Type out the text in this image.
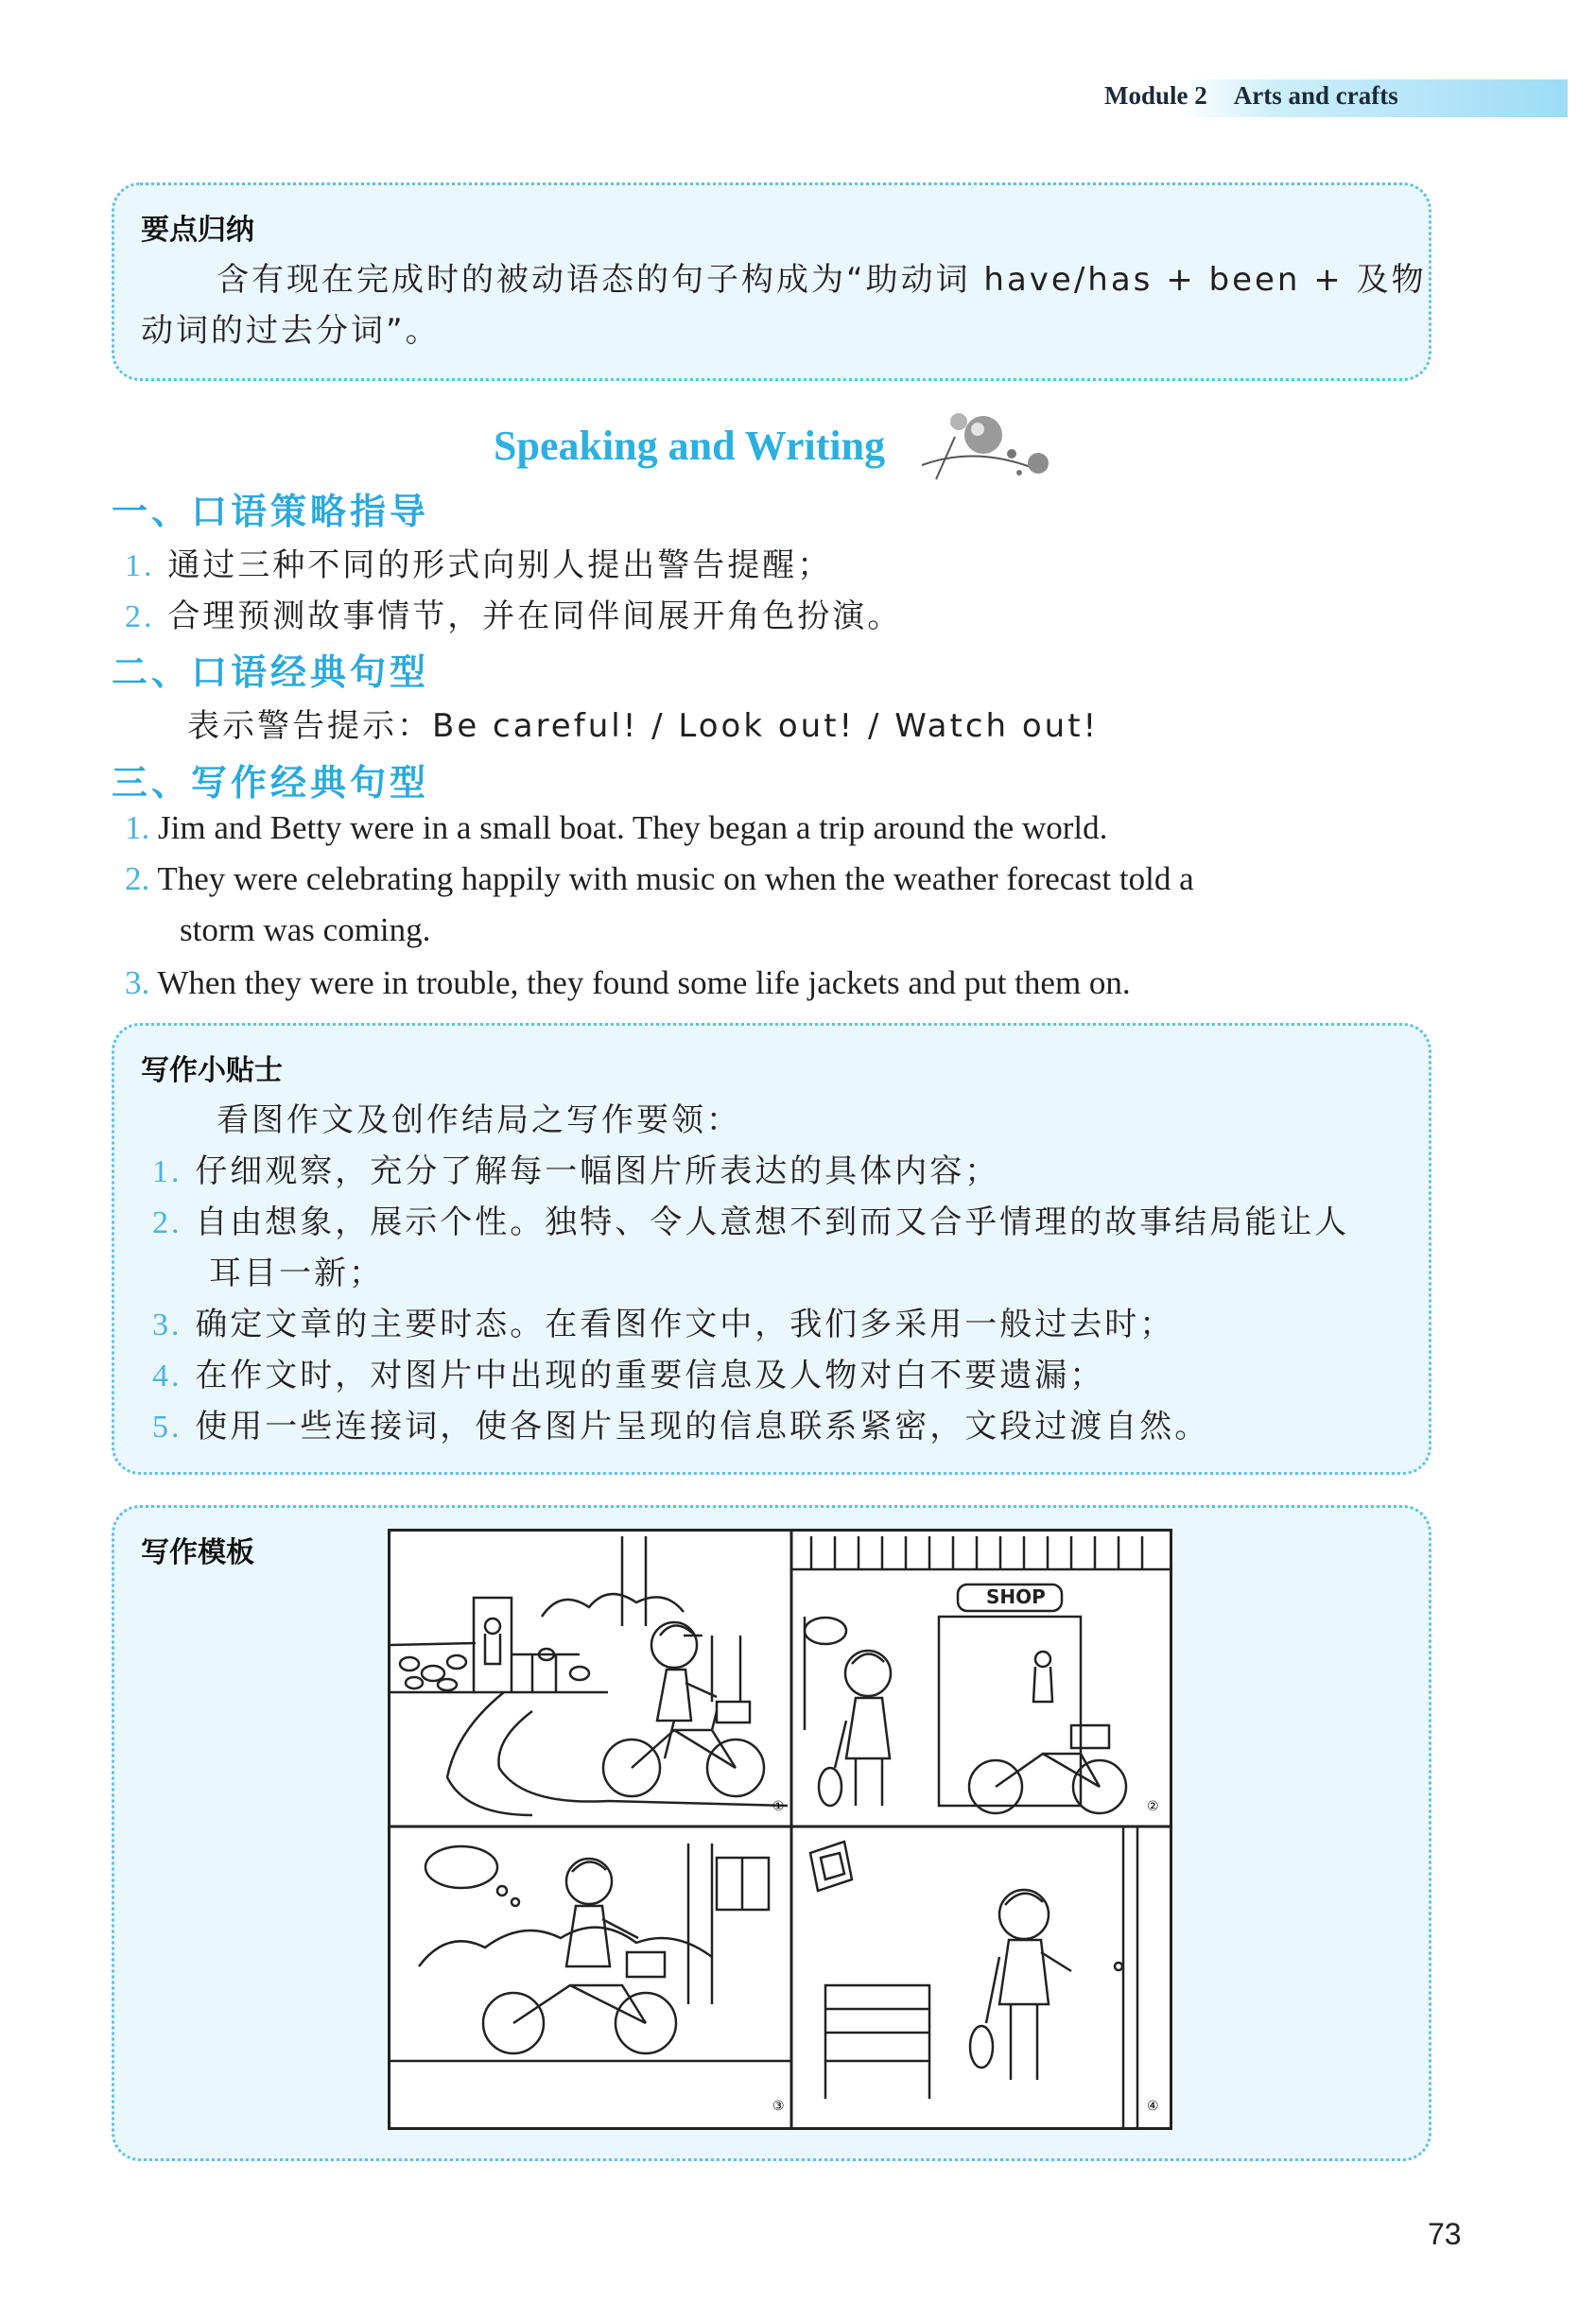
Module 2 Arts and crafts
要点归纳
含有现在完成时的被动语态的句子构成为“助动词 have/has + been + 及物
动词的过去分词”。
Speaking and Writing
一、口语策略指导
1. 通过三种不同的形式向别人提出警告提醒；
2. 合理预测故事情节，并在同伴间展开角色扮演。
二、口语经典句型
表示警告提示：Be careful! / Look out! / Watch out!
三、写作经典句型
1. Jim and Betty were in a small boat. They began a trip around the world.
2. They were celebrating happily with music on when the weather forecast told a
storm was coming.
3. When they were in trouble, they found some life jackets and put them on.
写作小贴士
看图作文及创作结局之写作要领：
1. 仔细观察，充分了解每一幅图片所表达的具体内容；
2. 自由想象，展示个性。独特、令人意想不到而又合乎情理的故事结局能让人
耳目一新；
3. 确定文章的主要时态。在看图作文中，我们多采用一般过去时；
4. 在作文时，对图片中出现的重要信息及人物对白不要遗漏；
5. 使用一些连接词，使各图片呈现的信息联系紧密，文段过渡自然。
写作模板
①
SHOP
②
③	④
73
